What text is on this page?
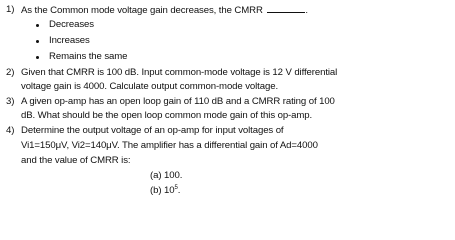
1) As the Common mode voltage gain decreases, the CMRR	.
Decreases
Increases
Remains the same
2) Given that CMRR is 100 dB. Input common-mode voltage is 12 V differential
voltage gain is 4000. Calculate output common-mode voltage.
3) A given op-amp has an open loop gain of 110 dB and a CMRR rating of 100
dB. What should be the open loop common mode gain of this op-amp.
4) Determine the output voltage of an op-amp for input voltages of
Vi1=150μV, Vi2=140μV. The amplifier has a differential gain of Ad=4000
and the value of CMRR is:
(a) 100.
(b) $10^5$.
